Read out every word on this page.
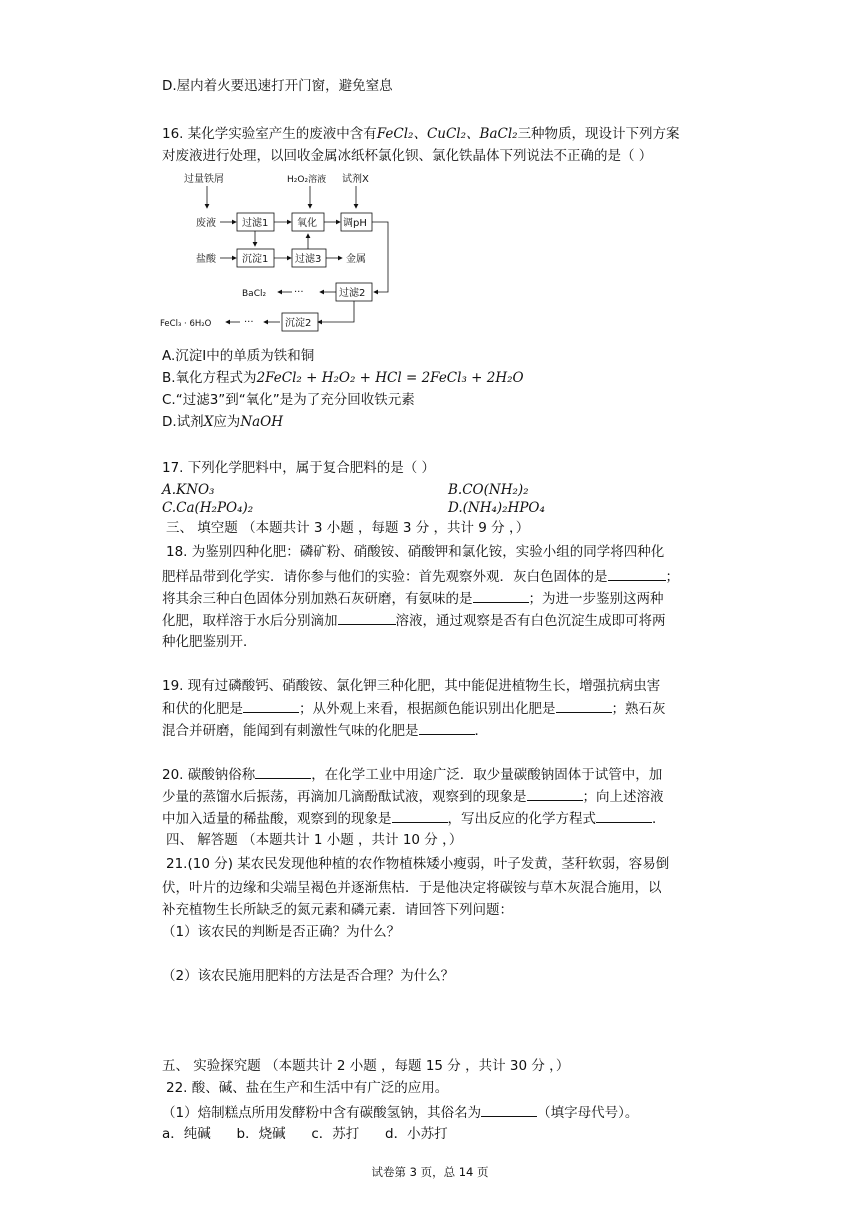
D.屋内着火要迅速打开门窗，避免窒息
16. 某化学实验室产生的废液中含有FeCl₂、CuCl₂、BaCl₂三种物质，现设计下列方案
对废液进行处理，以回收金属冰纸杯氯化钡、氯化铁晶体下列说法不正确的是（ ）
过量铁屑	H₂O₂溶液 试剂X
废液	过滤1	氧化	调pH
盐酸	沉淀1	过滤3 金属
BaCl₂	···	过滤2
FeCl₃ · 6H₂O	···	沉淀2
A.沉淀I中的单质为铁和铜
B.氧化方程式为2FeCl₂ + H₂O₂ + HCl = 2FeCl₃ + 2H₂O
C.“过滤3”到“氧化”是为了充分回收铁元素
D.试剂X应为NaOH
17. 下列化学肥料中，属于复合肥料的是（ ）
A.KNO₃	B.CO(NH₂)₂
C.Ca(H₂PO₄)₂	D.(NH₄)₂HPO₄
三、 填空题 （本题共计 3 小题 ，每题 3 分 ，共计 9 分 ，）
18. 为鉴别四种化肥：磷矿粉、硝酸铵、硝酸钾和氯化铵，实验小组的同学将四种化
肥样品带到化学实．请你参与他们的实验：首先观察外观．灰白色固体的是	；
将其余三种白色固体分别加熟石灰研磨，有氨味的是	；为进一步鉴别这两种
化肥，取样溶于水后分别滴加	溶液，通过观察是否有白色沉淀生成即可将两
种化肥鉴别开．
19. 现有过磷酸钙、硝酸铵、氯化钾三种化肥，其中能促进植物生长，增强抗病虫害
和伏的化肥是	；从外观上来看，根据颜色能识别出化肥是	；熟石灰
混合并研磨，能闻到有刺激性气味的化肥是	．
20. 碳酸钠俗称	，在化学工业中用途广泛．取少量碳酸钠固体于试管中，加
少量的蒸馏水后振荡，再滴加几滴酚酞试液，观察到的现象是	；向上述溶液
中加入适量的稀盐酸，观察到的现象是	，写出反应的化学方程式	．
四、 解答题 （本题共计 1 小题 ，共计 10 分 ，）
21.(10 分) 某农民发现他种植的农作物植株矮小瘦弱，叶子发黄，茎秆软弱，容易倒
伏，叶片的边缘和尖端呈褐色并逐渐焦枯．于是他决定将碳铵与草木灰混合施用，以
补充植物生长所缺乏的氮元素和磷元素．请回答下列问题：
（1）该农民的判断是否正确？为什么？
（2）该农民施用肥料的方法是否合理？为什么？
五、 实验探究题 （本题共计 2 小题 ，每题 15 分 ，共计 30 分 ，）
22. 酸、碱、盐在生产和生活中有广泛的应用。
（1）焙制糕点所用发酵粉中含有碳酸氢钠，其俗名为	（填字母代号）。
a．纯碱      b．烧碱      c．苏打      d．小苏打
试卷第 3 页，总 14 页
